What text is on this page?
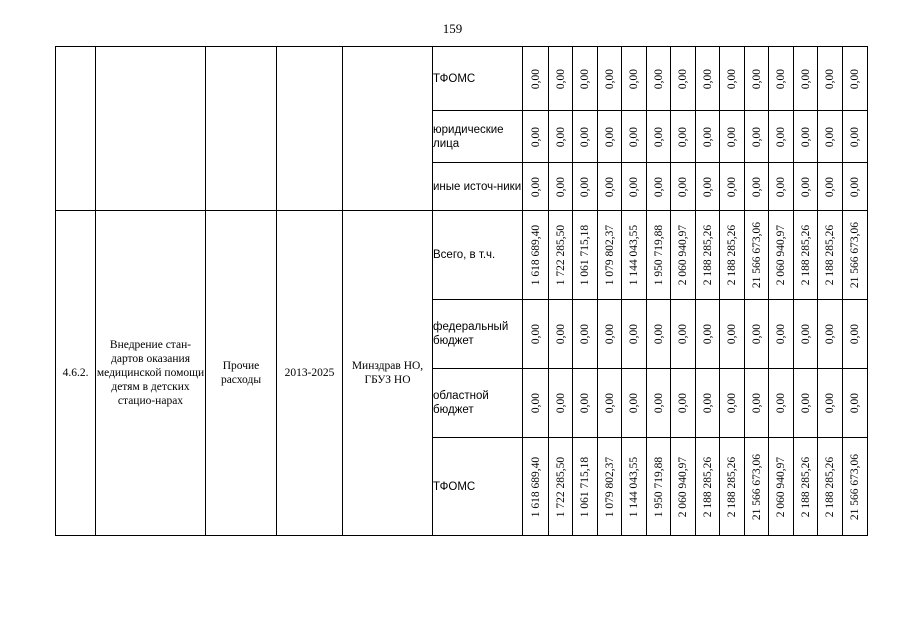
159
					ТФОМС	0,00	0,00	0,00	0,00	0,00	0,00	0,00	0,00	0,00	0,00	0,00	0,00	0,00	0,00

					юридические лица	0,00	0,00	0,00	0,00	0,00	0,00	0,00	0,00	0,00	0,00	0,00	0,00	0,00	0,00

					иные источ-ники	0,00	0,00	0,00	0,00	0,00	0,00	0,00	0,00	0,00	0,00	0,00	0,00	0,00	0,00

4.6.2.	Внедрение стан-дартов оказания медицинской помощи детям в детских стацио-нарах	Прочие расходы	2013-2025	Минздрав НО, ГБУЗ НО	Всего, в т.ч.	1 618 689,40	1 722 285,50	1 061 715,18	1 079 802,37	1 144 043,55	1 950 719,88	2 060 940,97	2 188 285,26	2 188 285,26	21 566 673,06	2 060 940,97	2 188 285,26	2 188 285,26	21 566 673,06

					федеральный бюджет	0,00	0,00	0,00	0,00	0,00	0,00	0,00	0,00	0,00	0,00	0,00	0,00	0,00	0,00

					областной бюджет	0,00	0,00	0,00	0,00	0,00	0,00	0,00	0,00	0,00	0,00	0,00	0,00	0,00	0,00

					ТФОМС	1 618 689,40	1 722 285,50	1 061 715,18	1 079 802,37	1 144 043,55	1 950 719,88	2 060 940,97	2 188 285,26	2 188 285,26	21 566 673,06	2 060 940,97	2 188 285,26	2 188 285,26	21 566 673,06
